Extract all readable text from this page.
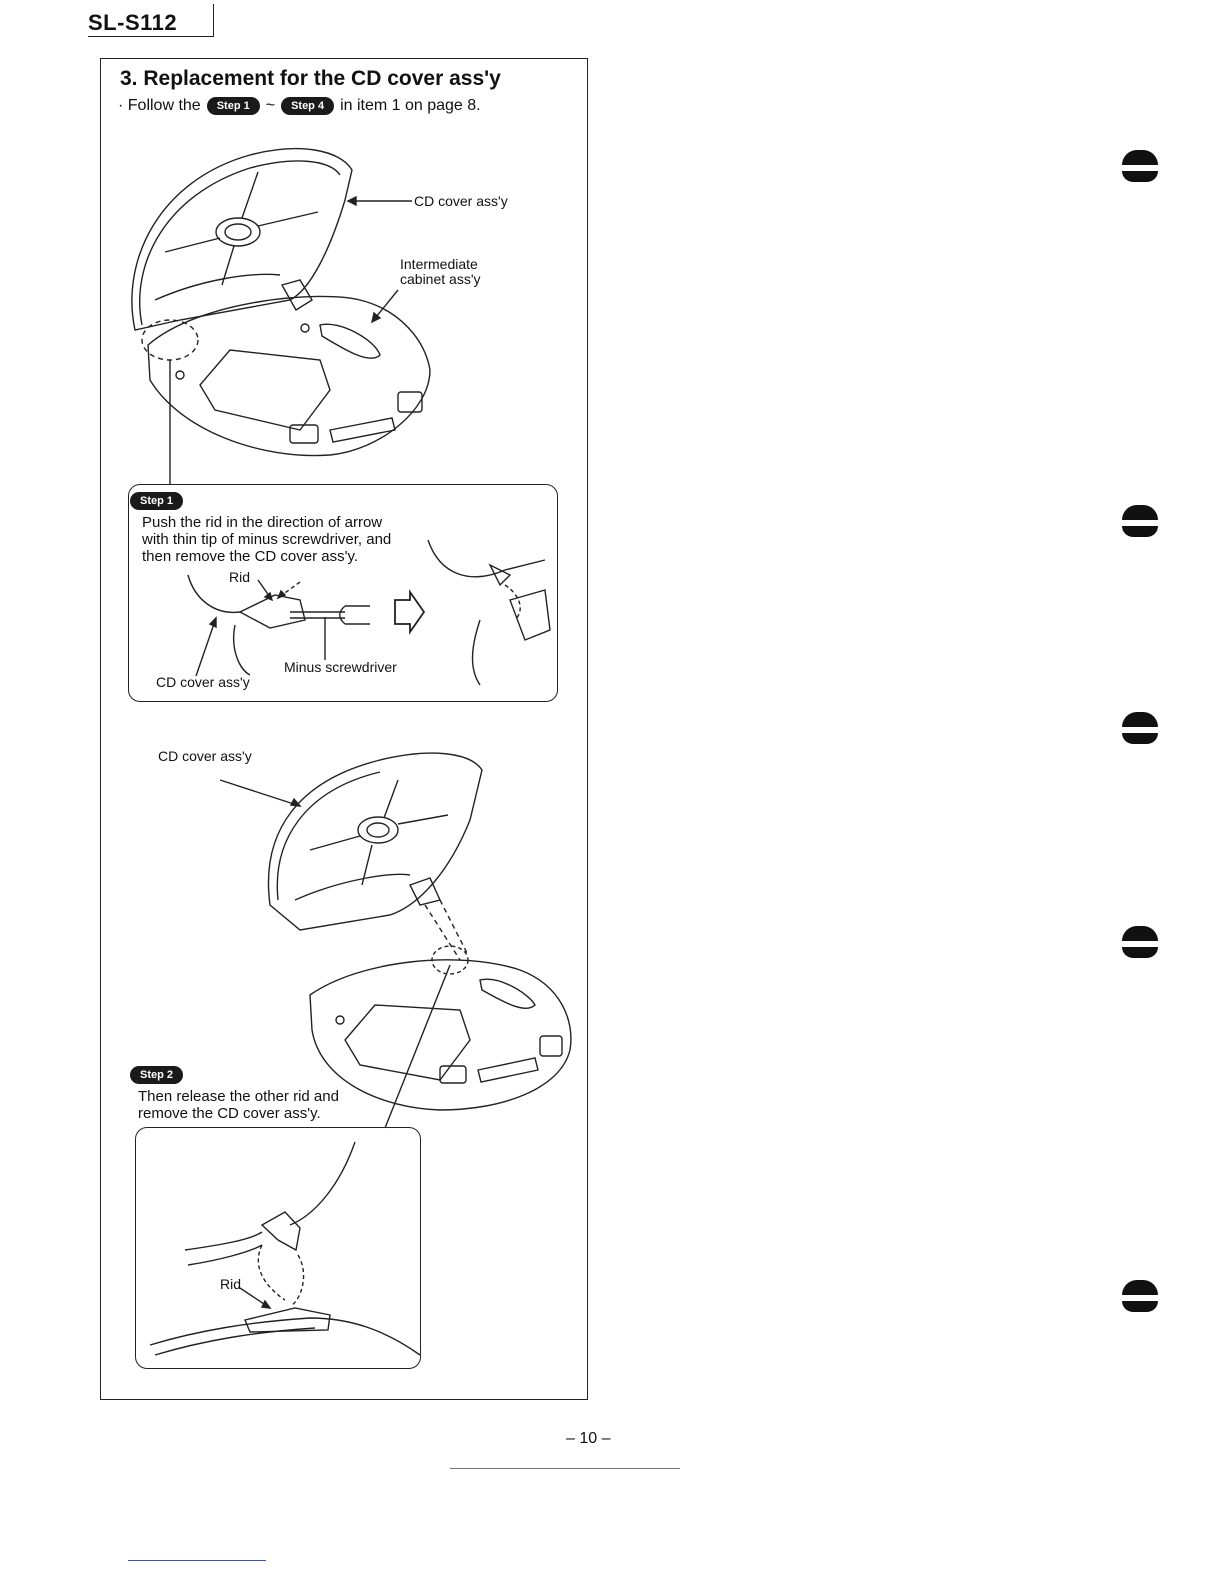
SL-S112
3. Replacement for the CD cover ass'y
· Follow the	Step 1	~	Step 4	in item 1 on page 8.
CD cover ass'y
Intermediate
cabinet ass'y
Step 1
Push the rid in the direction of arrow
with thin tip of minus screwdriver, and
then remove the CD cover ass'y.
Rid
Minus screwdriver
CD cover ass'y
CD cover ass'y
Step 2
Then release the other rid and
remove the CD cover ass'y.
Rid
– 10 –
